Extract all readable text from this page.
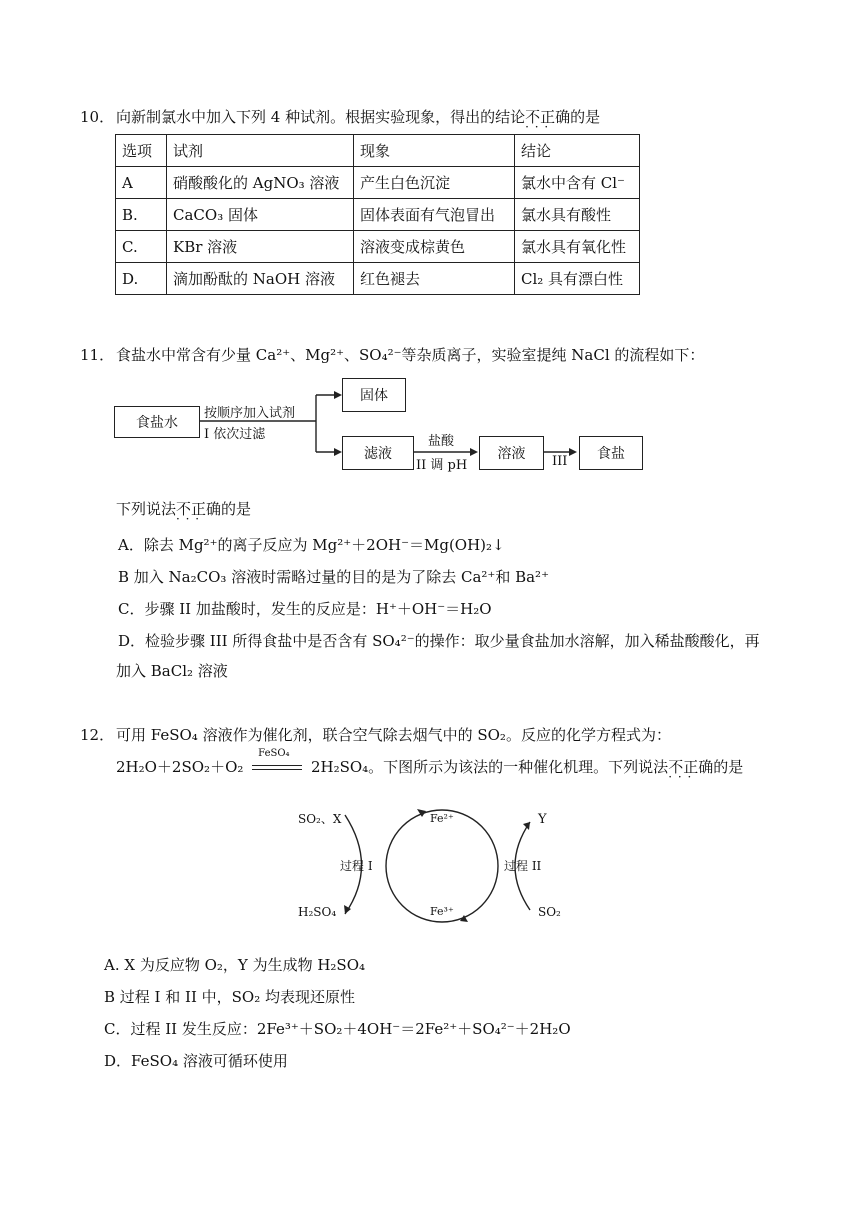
10． 向新制氯水中加入下列 4 种试剂。根据实验现象，得出的结论不正确 · · ·的是
选项	试剂	现象	结论
A	硝酸酸化的 AgNO₃ 溶液	产生白色沉淀	氯水中含有 Cl⁻
B.	CaCO₃ 固体	固体表面有气泡冒出	氯水具有酸性
C.	KBr 溶液	溶液变成棕黄色	氯水具有氧化性
D.	滴加酚酞的 NaOH 溶液	红色褪去	Cl₂ 具有漂白性
11． 食盐水中常含有少量 Ca²⁺、Mg²⁺、SO₄²⁻等杂质离子，实验室提纯 NaCl 的流程如下：
食盐水
按顺序加入试剂
I 依次过滤
固体
滤液
盐酸
II 调 pH
溶液	III	食盐
下列说法不正确 · · ·的是
A．除去 Mg²⁺的离子反应为 Mg²⁺＋2OH⁻＝Mg(OH)₂↓
B 加入 Na₂CO₃ 溶液时需略过量的目的是为了除去 Ca²⁺和 Ba²⁺
C．步骤 II 加盐酸时，发生的反应是：H⁺＋OH⁻＝H₂O
D．检验步骤 III 所得食盐中是否含有 SO₄²⁻的操作：取少量食盐加水溶解，加入稀盐酸酸化，再
加入 BaCl₂ 溶液
12． 可用 FeSO₄ 溶液作为催化剂，联合空气除去烟气中的 SO₂。反应的化学方程式为：
2H₂O＋2SO₂＋O₂
FeSO₄
2H₂SO₄。下图所示为该法的一种催化机理。下列说法不正确 · · ·的是
SO₂、X
H₂SO₄
过程 I
Fe²⁺
Fe³⁺
Y
SO₂
过程 II
A. X 为反应物 O₂，Y 为生成物 H₂SO₄
B 过程 I 和 II 中，SO₂ 均表现还原性
C．过程 II 发生反应：2Fe³⁺＋SO₂＋4OH⁻＝2Fe²⁺＋SO₄²⁻＋2H₂O
D．FeSO₄ 溶液可循环使用
